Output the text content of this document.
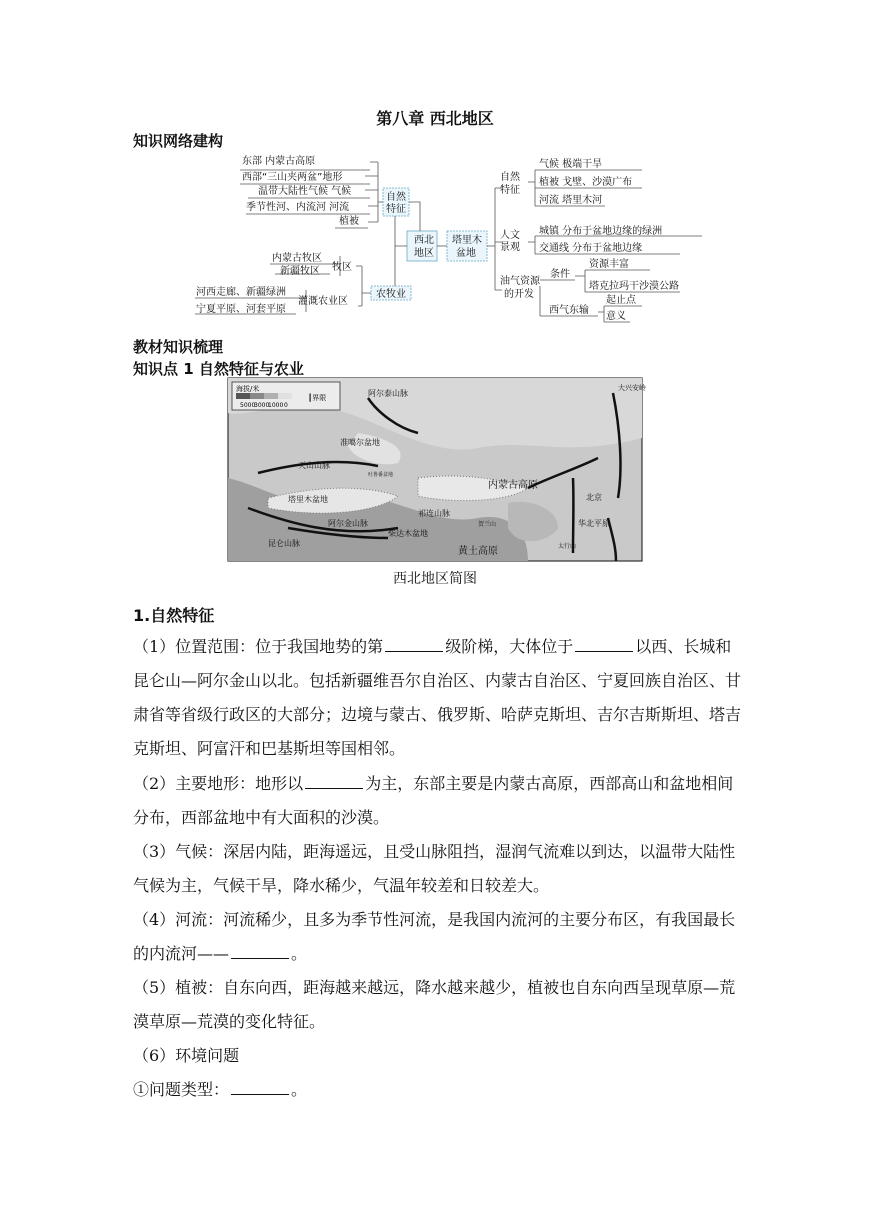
第八章 西北地区
知识网络建构
西北
地区
自然
特征
农牧业
塔里木
盆地
东部 内蒙古高原
西部“三山夹两盆”地形
温带大陆性气候 气候
季节性河、内流河 河流
植被
内蒙古牧区
新疆牧区 牧区
河西走廊、新疆绿洲
宁夏平原、河套平原
灌溉农业区
自然
特征
气候 极端干旱
植被 戈壁、沙漠广布
河流 塔里木河
人文
景观
城镇 分布于盆地边缘的绿洲
交通线 分布于盆地边缘
油气资源
的开发
条件
资源丰富
塔克拉玛干沙漠公路
西气东输
起止点
意义
教材知识梳理
知识点 1 自然特征与农业
海拔/米
5000
3000
1000 0
┃界限	阿尔泰山脉
准噶尔盆地
天山山脉
吐鲁番盆地
塔里木盆地
阿尔金山脉
柴达木盆地
祁连山脉
昆仑山脉
内蒙古高原
黄土高原
华北平原
北京
大兴安岭
贺兰山
太行山
西北地区简图
1.自然特征
（1）位置范围：位于我国地势的第	级阶梯，大体位于	以西、长城和昆仑山—阿尔金山以北。包括新疆维吾尔自治区、内蒙古自治区、宁夏回族自治区、甘肃省等省级行政区的大部分；边境与蒙古、俄罗斯、哈萨克斯坦、吉尔吉斯斯坦、塔吉克斯坦、阿富汗和巴基斯坦等国相邻。
（2）主要地形：地形以	为主，东部主要是内蒙古高原，西部高山和盆地相间分布，西部盆地中有大面积的沙漠。
（3）气候：深居内陆，距海遥远，且受山脉阻挡，湿润气流难以到达，以温带大陆性气候为主，气候干旱，降水稀少，气温年较差和日较差大。
（4）河流：河流稀少，且多为季节性河流，是我国内流河的主要分布区，有我国最长的内流河——	。
（5）植被：自东向西，距海越来越远，降水越来越少，植被也自东向西呈现草原—荒漠草原—荒漠的变化特征。
（6）环境问题
①问题类型：	。
